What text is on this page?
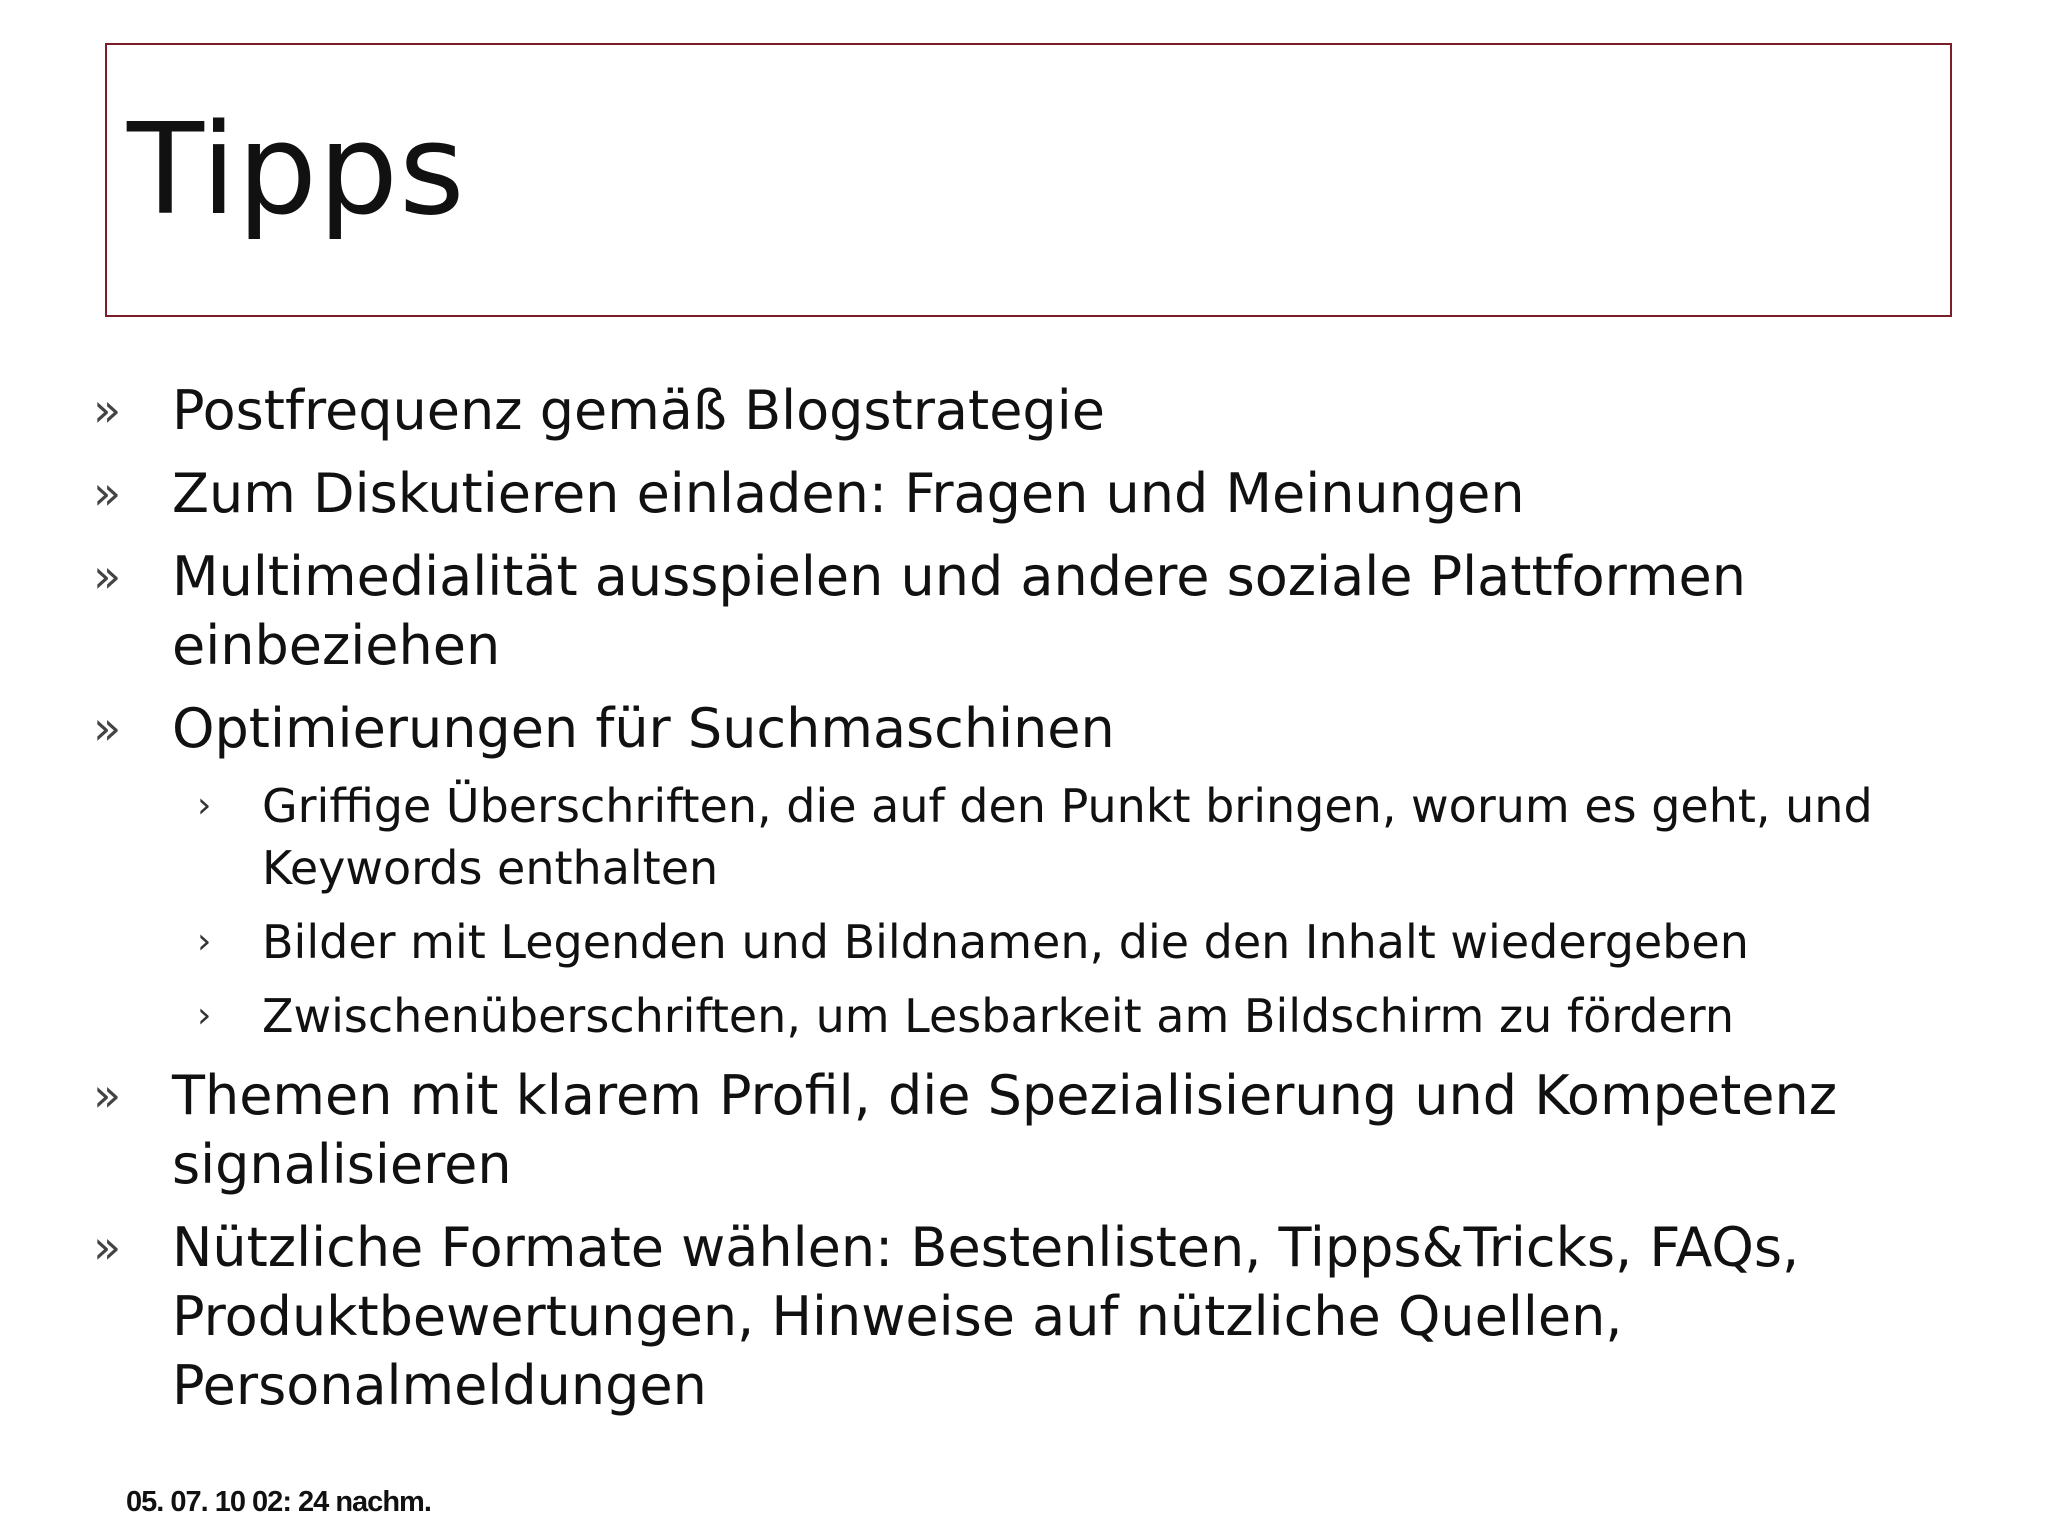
Tipps
» Postfrequenz gemäß Blogstrategie
» Zum Diskutieren einladen: Fragen und Meinungen
» Multimedialität ausspielen und andere soziale Plattformen einbeziehen
» Optimierungen für Suchmaschinen
› Griffige Überschriften, die auf den Punkt bringen, worum es geht, und Keywords enthalten
› Bilder mit Legenden und Bildnamen, die den Inhalt wiedergeben
› Zwischenüberschriften, um Lesbarkeit am Bildschirm zu fördern
» Themen mit klarem Profil, die Spezialisierung und Kompetenz signalisieren
» Nützliche Formate wählen: Bestenlisten, Tipps&Tricks, FAQs, Produktbewertungen, Hinweise auf nützliche Quellen, Personalmeldungen
05. 07. 10 02: 24 nachm.
